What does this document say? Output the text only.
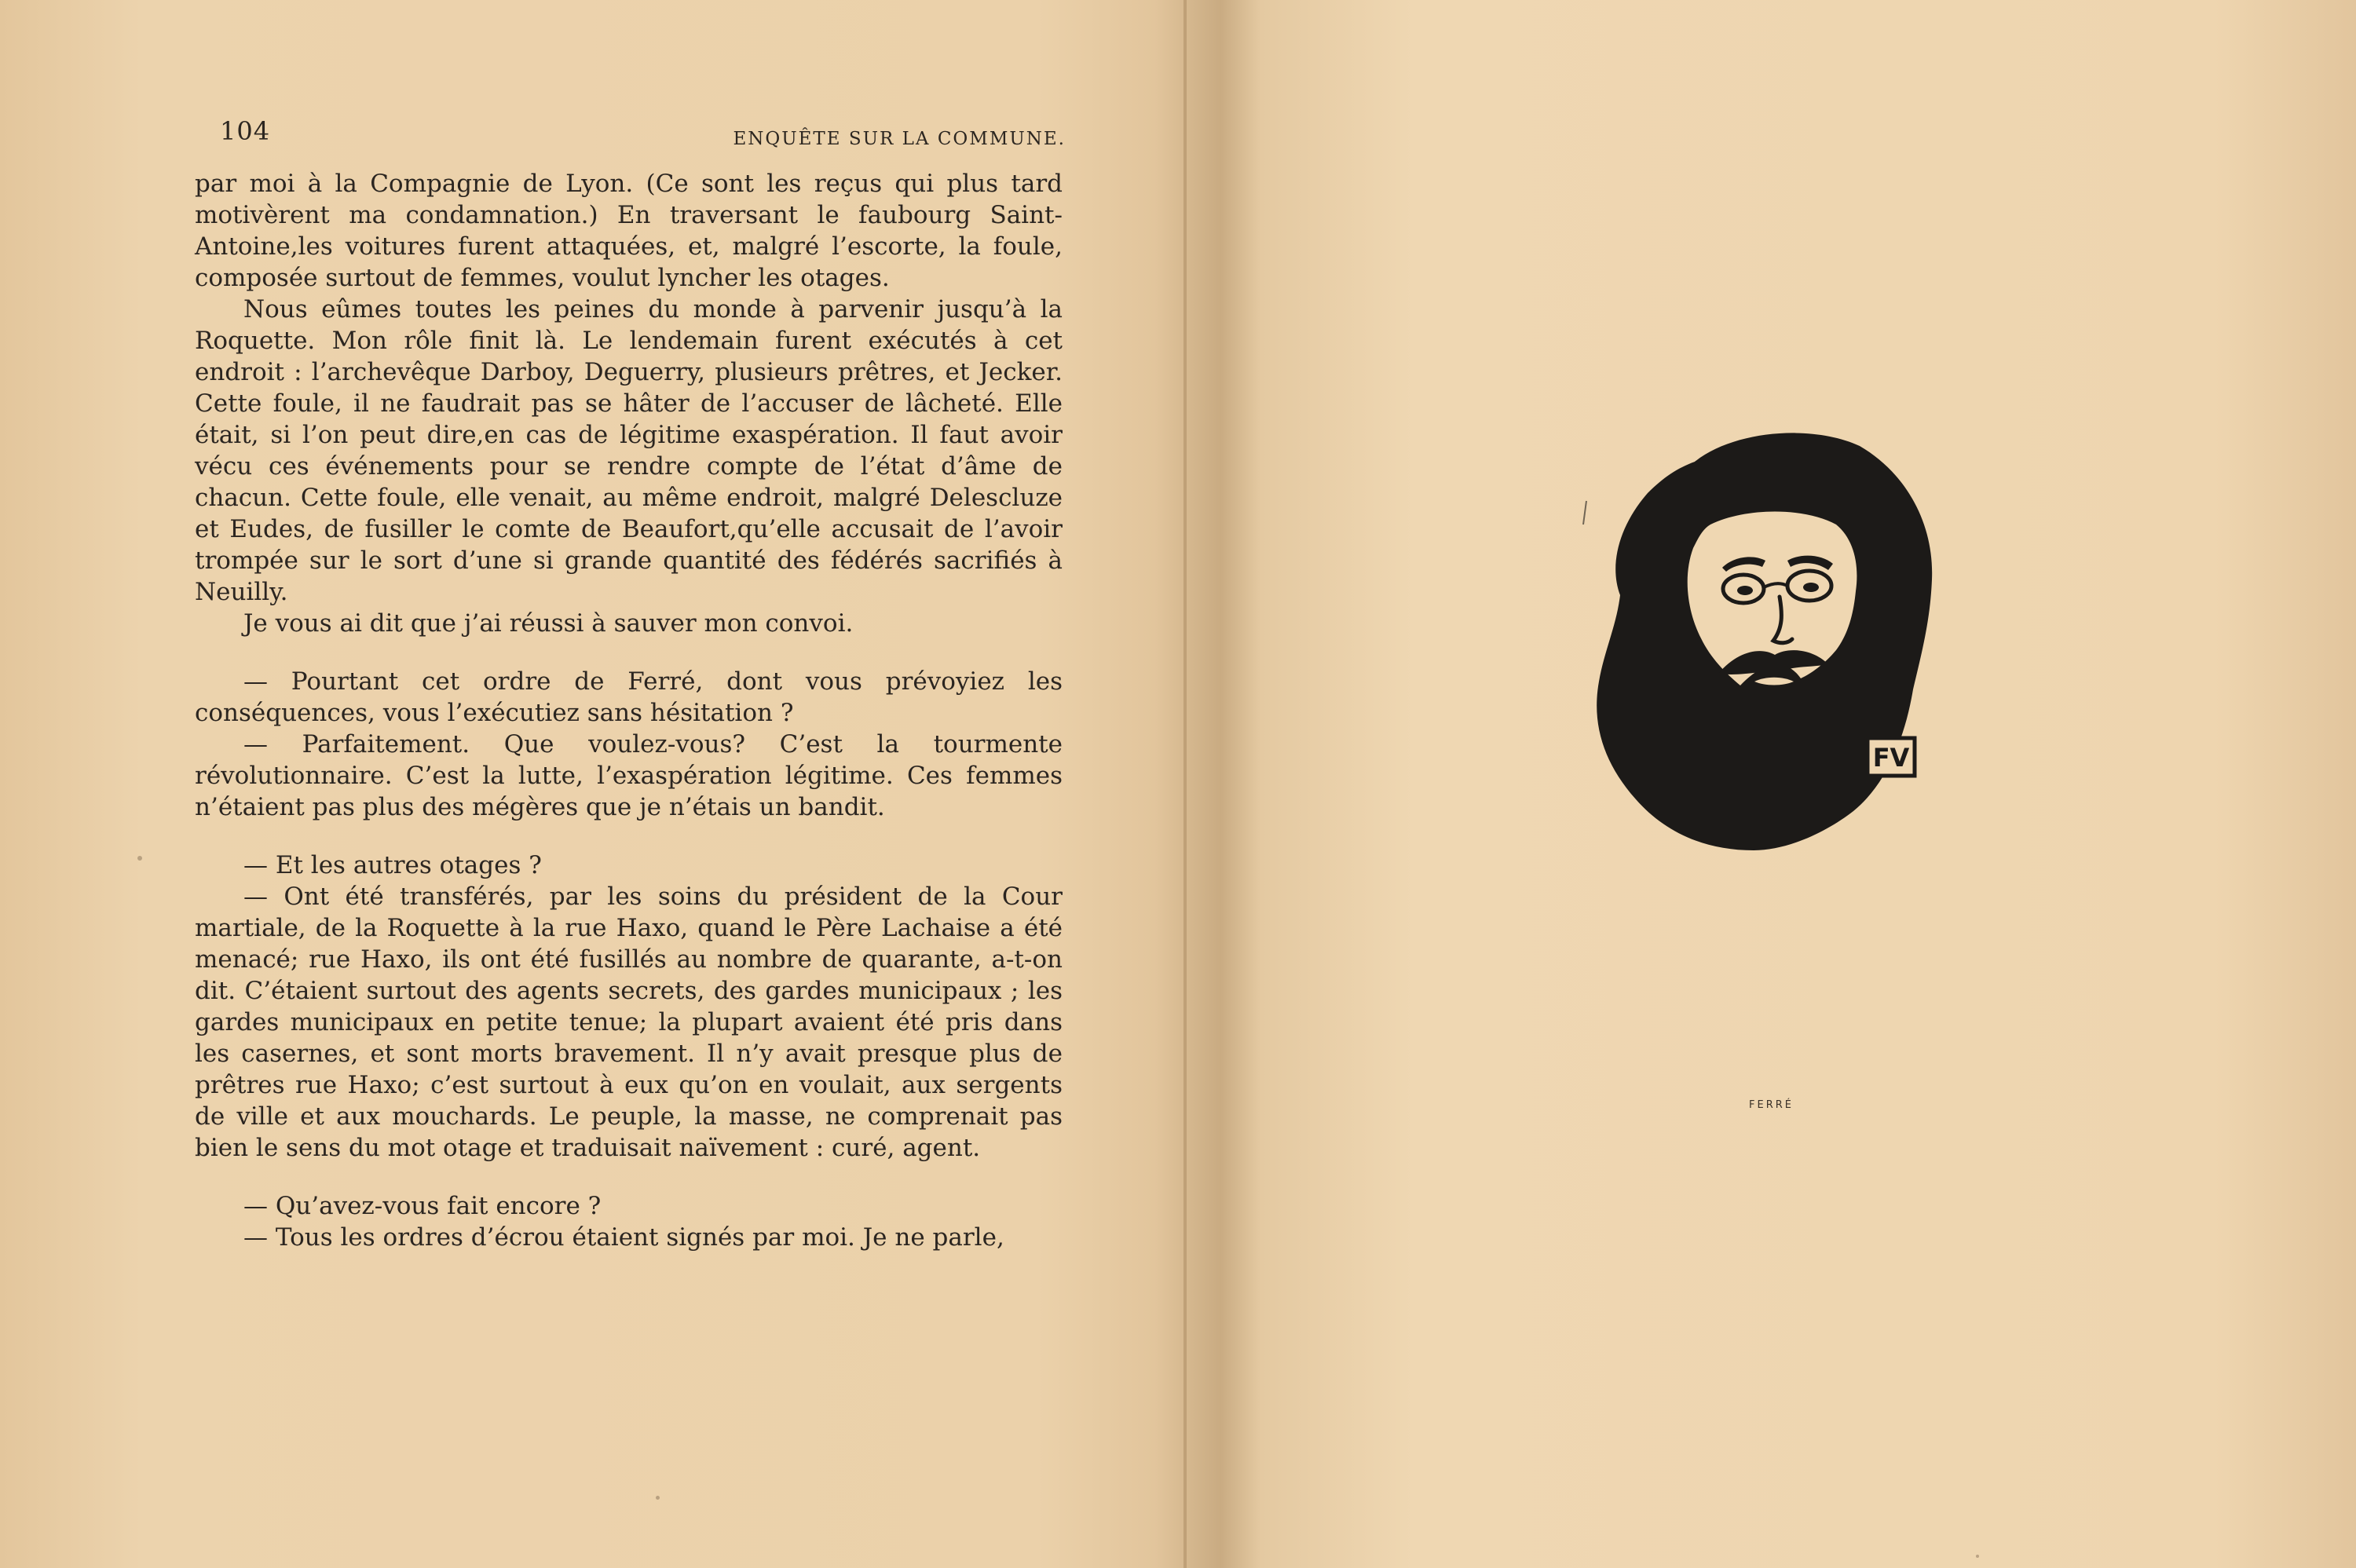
104	ENQUÊTE SUR LA COMMUNE.

par moi à la Compagnie de Lyon. (Ce sont les reçus qui plus tard motivèrent ma condamnation.) En traversant le faubourg Saint-Antoine,les voitures furent attaquées, et, malgré l’escorte, la foule, composée surtout de femmes, voulut lyncher les otages.

Nous eûmes toutes les peines du monde à parvenir jusqu’à la Roquette. Mon rôle finit là. Le lendemain furent exécutés à cet endroit : l’archevêque Darboy, Deguerry, plusieurs prêtres, et Jecker. Cette foule, il ne faudrait pas se hâter de l’accuser de lâcheté. Elle était, si l’on peut dire,en cas de légitime exaspération. Il faut avoir vécu ces événements pour se rendre compte de l’état d’âme de chacun. Cette foule, elle venait, au même endroit, malgré Delescluze et Eudes, de fusiller le comte de Beaufort,qu’elle accusait de l’avoir trompée sur le sort d’une si grande quantité des fédérés sacrifiés à Neuilly.

Je vous ai dit que j’ai réussi à sauver mon convoi.

— Pourtant cet ordre de Ferré, dont vous prévoyiez les conséquences, vous l’exécutiez sans hésitation ?

— Parfaitement. Que voulez-vous? C’est la tourmente révolutionnaire. C’est la lutte, l’exaspération légitime. Ces femmes n’étaient pas plus des mégères que je n’étais un bandit.

— Et les autres otages ?

— Ont été transférés, par les soins du président de la Cour martiale, de la Roquette à la rue Haxo, quand le Père Lachaise a été menacé; rue Haxo, ils ont été fusillés au nombre de quarante, a-t-on dit. C’étaient surtout des agents secrets, des gardes municipaux ; les gardes municipaux en petite tenue; la plupart avaient été pris dans les casernes, et sont morts bravement. Il n’y avait presque plus de prêtres rue Haxo; c’est surtout à eux qu’on en voulait, aux sergents de ville et aux mouchards. Le peuple, la masse, ne comprenait pas bien le sens du mot otage et traduisait naïvement : curé, agent.

— Qu’avez-vous fait encore ?

— Tous les ordres d’écrou étaient signés par moi. Je ne parle,

FV
FERRÉ
